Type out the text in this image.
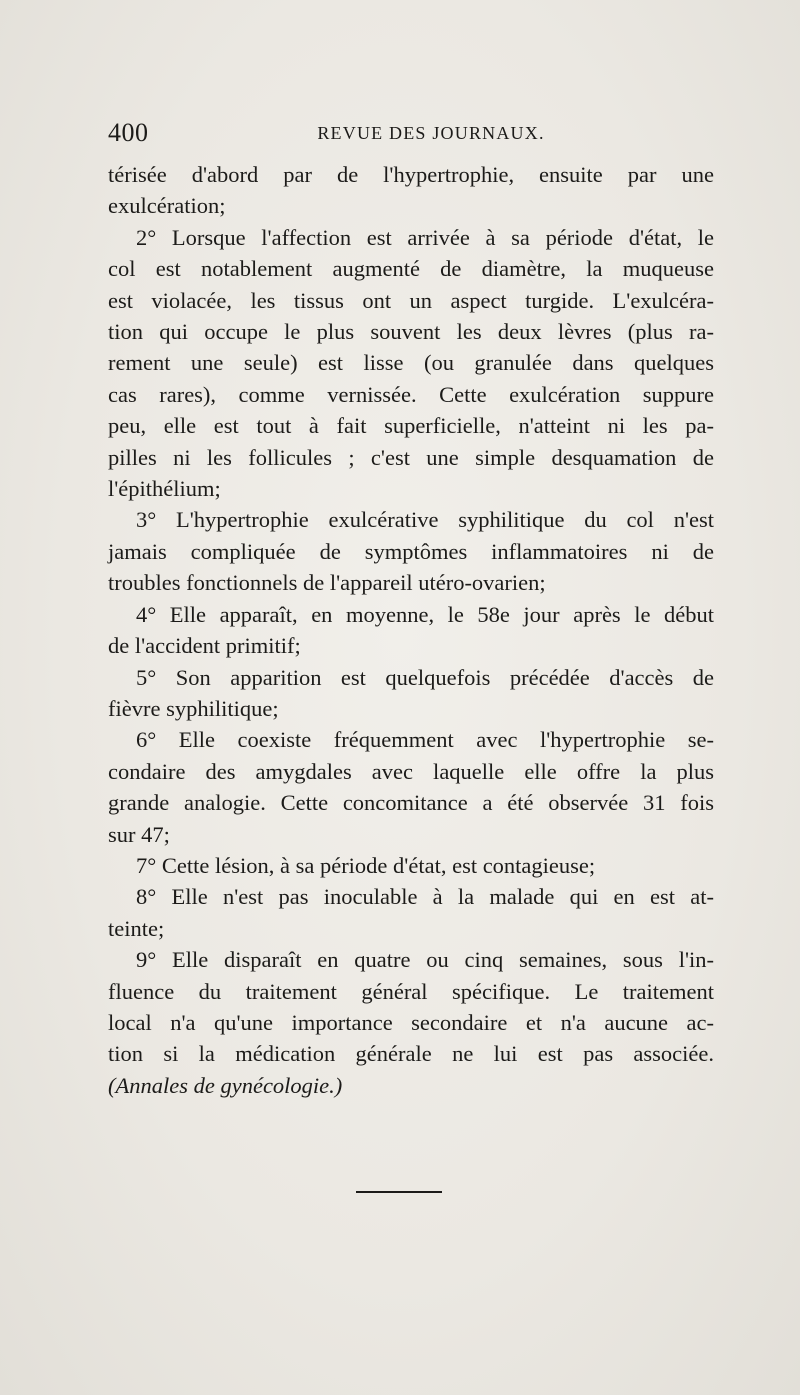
400	REVUE DES JOURNAUX.
térisée d'abord par de l'hypertrophie, ensuite par une
exulcération;
2° Lorsque l'affection est arrivée à sa période d'état, le
col est notablement augmenté de diamètre, la muqueuse
est violacée, les tissus ont un aspect turgide. L'exulcéra-
tion qui occupe le plus souvent les deux lèvres (plus ra-
rement une seule) est lisse (ou granulée dans quelques
cas rares), comme vernissée. Cette exulcération suppure
peu, elle est tout à fait superficielle, n'atteint ni les pa-
pilles ni les follicules ; c'est une simple desquamation de
l'épithélium;
3° L'hypertrophie exulcérative syphilitique du col n'est
jamais compliquée de symptômes inflammatoires ni de
troubles fonctionnels de l'appareil utéro-ovarien;
4° Elle apparaît, en moyenne, le 58e jour après le début
de l'accident primitif;
5° Son apparition est quelquefois précédée d'accès de
fièvre syphilitique;
6° Elle coexiste fréquemment avec l'hypertrophie se-
condaire des amygdales avec laquelle elle offre la plus
grande analogie. Cette concomitance a été observée 31 fois
sur 47;
7° Cette lésion, à sa période d'état, est contagieuse;
8° Elle n'est pas inoculable à la malade qui en est at-
teinte;
9° Elle disparaît en quatre ou cinq semaines, sous l'in-
fluence du traitement général spécifique. Le traitement
local n'a qu'une importance secondaire et n'a aucune ac-
tion si la médication générale ne lui est pas associée.
(Annales de gynécologie.)
